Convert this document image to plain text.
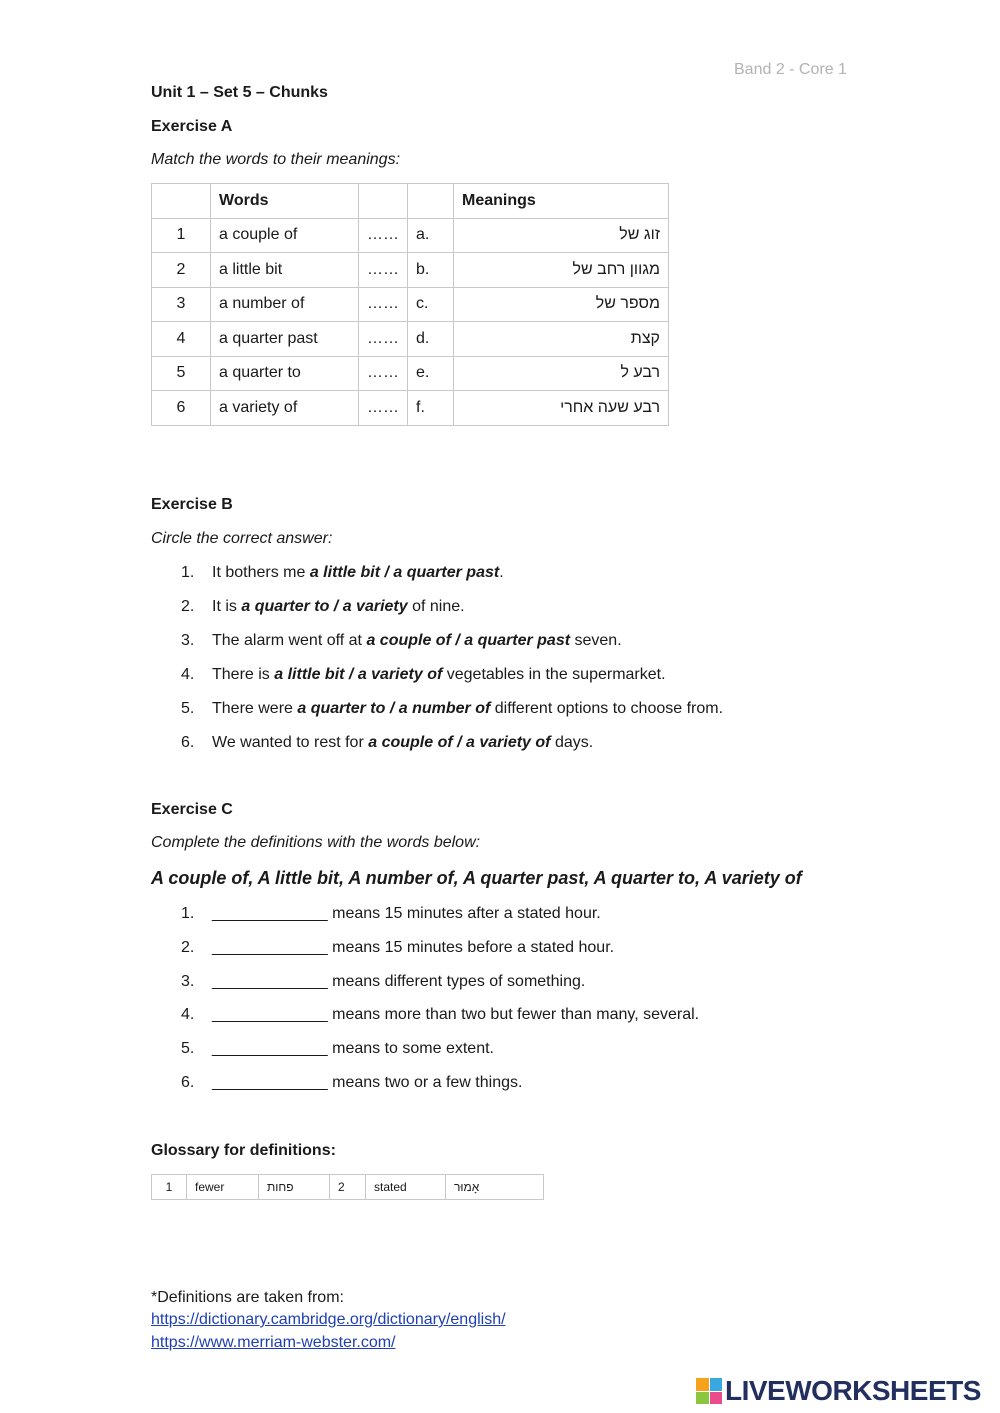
Band 2 - Core 1
Unit 1 – Set 5 – Chunks
Exercise A
Match the words to their meanings:
	Words			Meanings
1	a couple of	……	a.	זוג של
2	a little bit	……	b.	מגוון רחב של
3	a number of	……	c.	מספר של
4	a quarter past	……	d.	קצת
5	a quarter to	……	e.	רבע ל
6	a variety of	……	f.	רבע שעה אחרי
Exercise B
Circle the correct answer:
1. It bothers me a little bit / a quarter past.
2. It is a quarter to / a variety of nine.
3. The alarm went off at a couple of / a quarter past seven.
4. There is a little bit / a variety of vegetables in the supermarket.
5. There were a quarter to / a number of different options to choose from.
6. We wanted to rest for a couple of / a variety of days.
Exercise C
Complete the definitions with the words below:
A couple of, A little bit, A number of, A quarter past, A quarter to, A variety of
1. _____________ means 15 minutes after a stated hour.
2. _____________ means 15 minutes before a stated hour.
3. _____________ means different types of something.
4. _____________ means more than two but fewer than many, several.
5. _____________ means to some extent.
6. _____________ means two or a few things.
Glossary for definitions:
1	fewer	פחות	2	stated	אָמוּר
*Definitions are taken from:
https://dictionary.cambridge.org/dictionary/english/
https://www.merriam-webster.com/
LIVEWORKSHEETS
